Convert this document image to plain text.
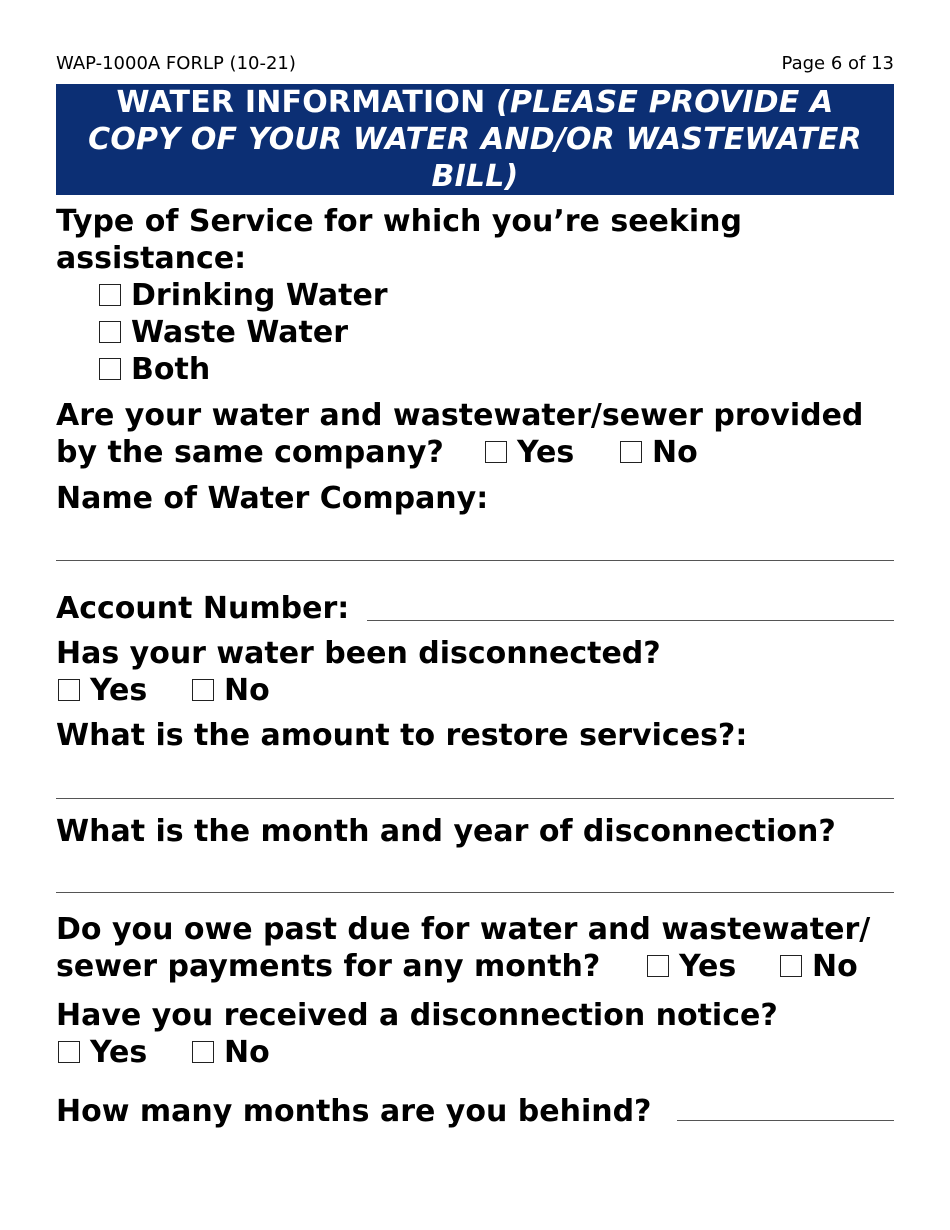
WAP-1000A FORLP (10-21)	Page 6 of 13
WATER INFORMATION (PLEASE PROVIDE A
COPY OF YOUR WATER AND/OR WASTEWATER
BILL)
Type of Service for which you’re seeking
assistance:
Drinking Water
Waste Water
Both
Are your water and wastewater/sewer provided
by the same company?	Yes	No
Name of Water Company:
Account Number:
Has your water been disconnected?
Yes	No
What is the amount to restore services?:
What is the month and year of disconnection?
Do you owe past due for water and wastewater/
sewer payments for any month?	Yes	No
Have you received a disconnection notice?
Yes	No
How many months are you behind?
